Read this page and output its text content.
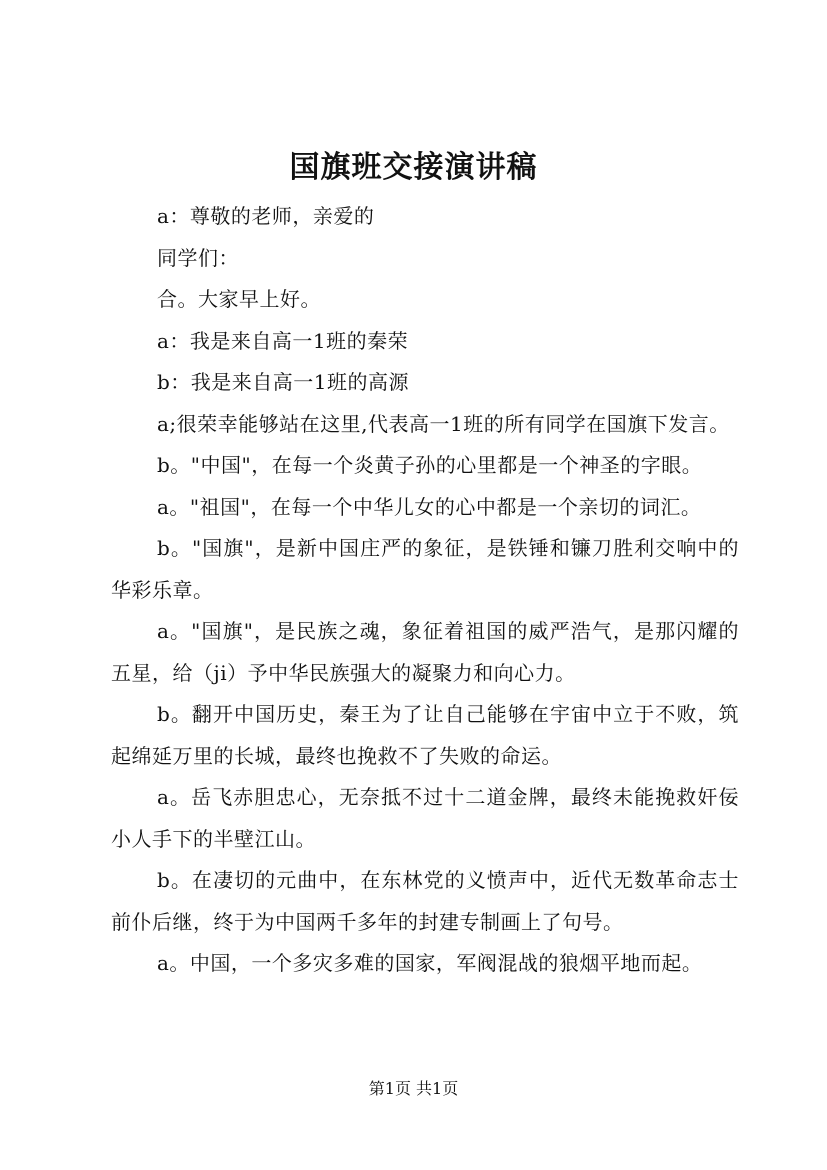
国旗班交接演讲稿

a：尊敬的老师，亲爱的

同学们：

合。大家早上好。

a：我是来自高一1班的秦荣

b：我是来自高一1班的高源

a;很荣幸能够站在这里,代表高一1班的所有同学在国旗下发言。

b。"中国"，在每一个炎黄子孙的心里都是一个神圣的字眼。

a。"祖国"，在每一个中华儿女的心中都是一个亲切的词汇。

b。"国旗"，是新中国庄严的象征，是铁锤和镰刀胜利交响中的华彩乐章。

a。"国旗"，是民族之魂，象征着祖国的威严浩气，是那闪耀的五星，给（ji）予中华民族强大的凝聚力和向心力。

b。翻开中国历史，秦王为了让自己能够在宇宙中立于不败，筑起绵延万里的长城，最终也挽救不了失败的命运。

a。岳飞赤胆忠心，无奈抵不过十二道金牌，最终未能挽救奸佞小人手下的半壁江山。

b。在凄切的元曲中，在东林党的义愤声中，近代无数革命志士前仆后继，终于为中国两千多年的封建专制画上了句号。

a。中国，一个多灾多难的国家，军阀混战的狼烟平地而起。

第1页 共1页
